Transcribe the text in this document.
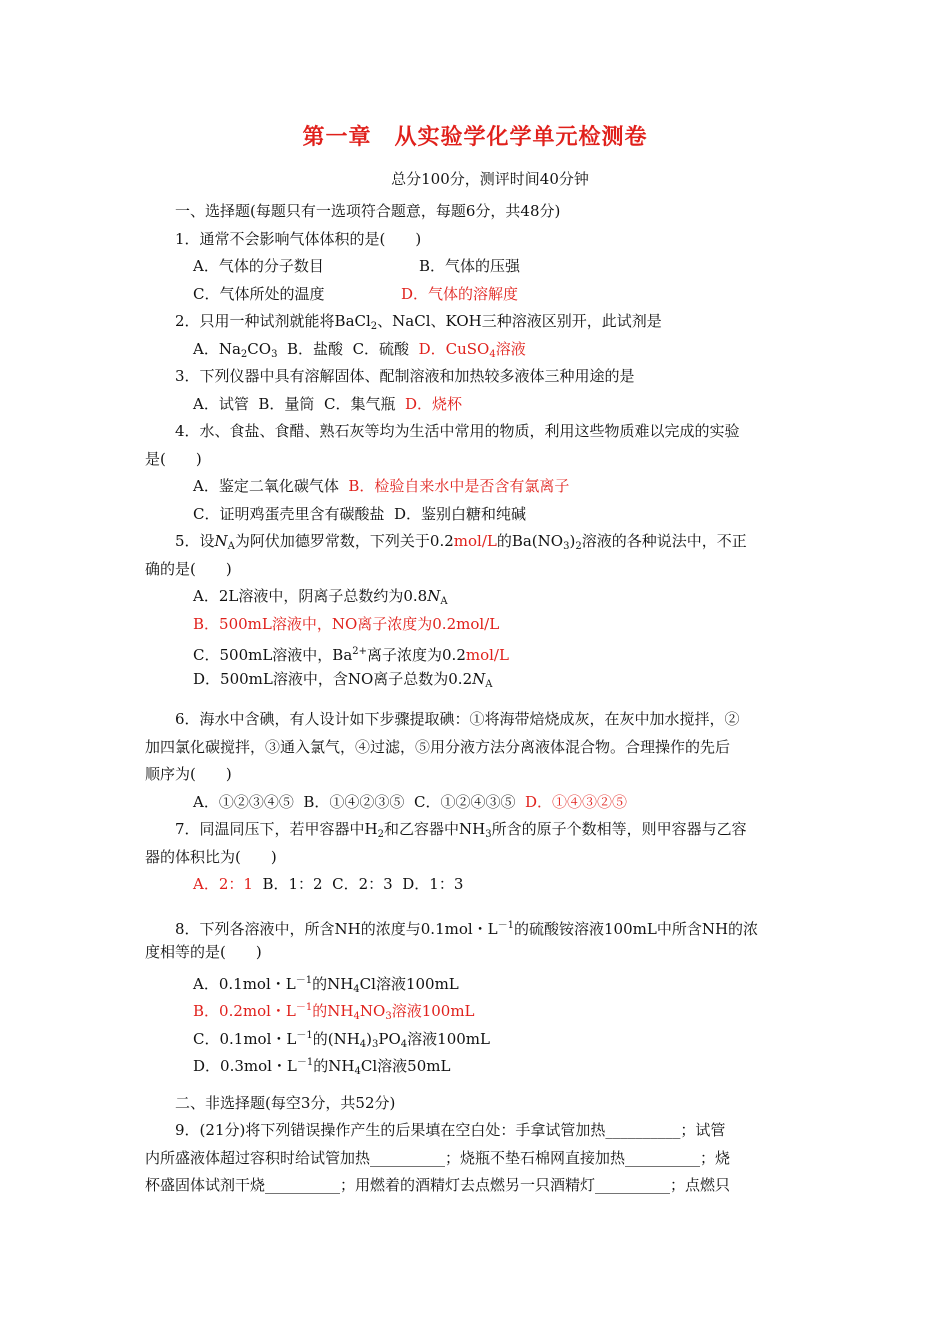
第一章　从实验学化学单元检测卷
总分100分，测评时间40分钟
一、选择题(每题只有一选项符合题意，每题6分，共48分)
1．通常不会影响气体体积的是(　　)
A．气体的分子数目	B．气体的压强
C．气体所处的温度	D．气体的溶解度
2．只用一种试剂就能将BaCl$_2$、NaCl、KOH三种溶液区别开，此试剂是
A．$Na_2CO_3$ B．盐酸 C．硫酸 D．CuSO$_4$溶液
3．下列仪器中具有溶解固体、配制溶液和加热较多液体三种用途的是
A．试管 B．量筒 C．集气瓶 D．烧杯
4．水、食盐、食醋、熟石灰等均为生活中常用的物质，利用这些物质难以完成的实验
是(　　)
A．鉴定二氧化碳气体 B．检验自来水中是否含有氯离子
C．证明鸡蛋壳里含有碳酸盐 D．鉴别白糖和纯碱
5．设$N_A$为阿伏加德罗常数，下列关于0.2mol/L的$Ba(NO_3)_2$溶液的各种说法中，不正
确的是(　　)
A．2L溶液中，阴离子总数约为$0.8N_A$
B．500mL溶液中，NO离子浓度为0.2mol/L
C．500mL溶液中，$Ba^{2+}$离子浓度为0.2mol/L
D．500mL溶液中，含NO离子总数为$0.2N_A$
6．海水中含碘，有人设计如下步骤提取碘：①将海带焙烧成灰，在灰中加水搅拌，②
加四氯化碳搅拌，③通入氯气，④过滤，⑤用分液方法分离液体混合物。合理操作的先后
顺序为(　　)
A．①②③④⑤ B．①④②③⑤ C．①②④③⑤ D．①④③②⑤
7．同温同压下，若甲容器中$H_2$和乙容器中$NH_3$所含的原子个数相等，则甲容器与乙容
器的体积比为(　　)
A．2：1 B．1：2 C．2：3 D．1：3
8．下列各溶液中，所含NH的浓度与0.1mol・$L^{-1}$的硫酸铵溶液100mL中所含NH的浓
度相等的是(　　)
A．0.1mol・$L^{-1}$的$NH_4Cl$溶液100mL
B．0.2mol・$L^{-1}$的$NH_4NO_3$溶液100mL
C．0.1mol・$L^{-1}$的$(NH_4)_3PO_4$溶液100mL
D．0.3mol・$L^{-1}$的$NH_4Cl$溶液50mL
二、非选择题(每空3分，共52分)
9．(21分)将下列错误操作产生的后果填在空白处：手拿试管加热__________；试管
内所盛液体超过容积时给试管加热__________；烧瓶不垫石棉网直接加热__________；烧
杯盛固体试剂干烧__________；用燃着的酒精灯去点燃另一只酒精灯__________；点燃只
